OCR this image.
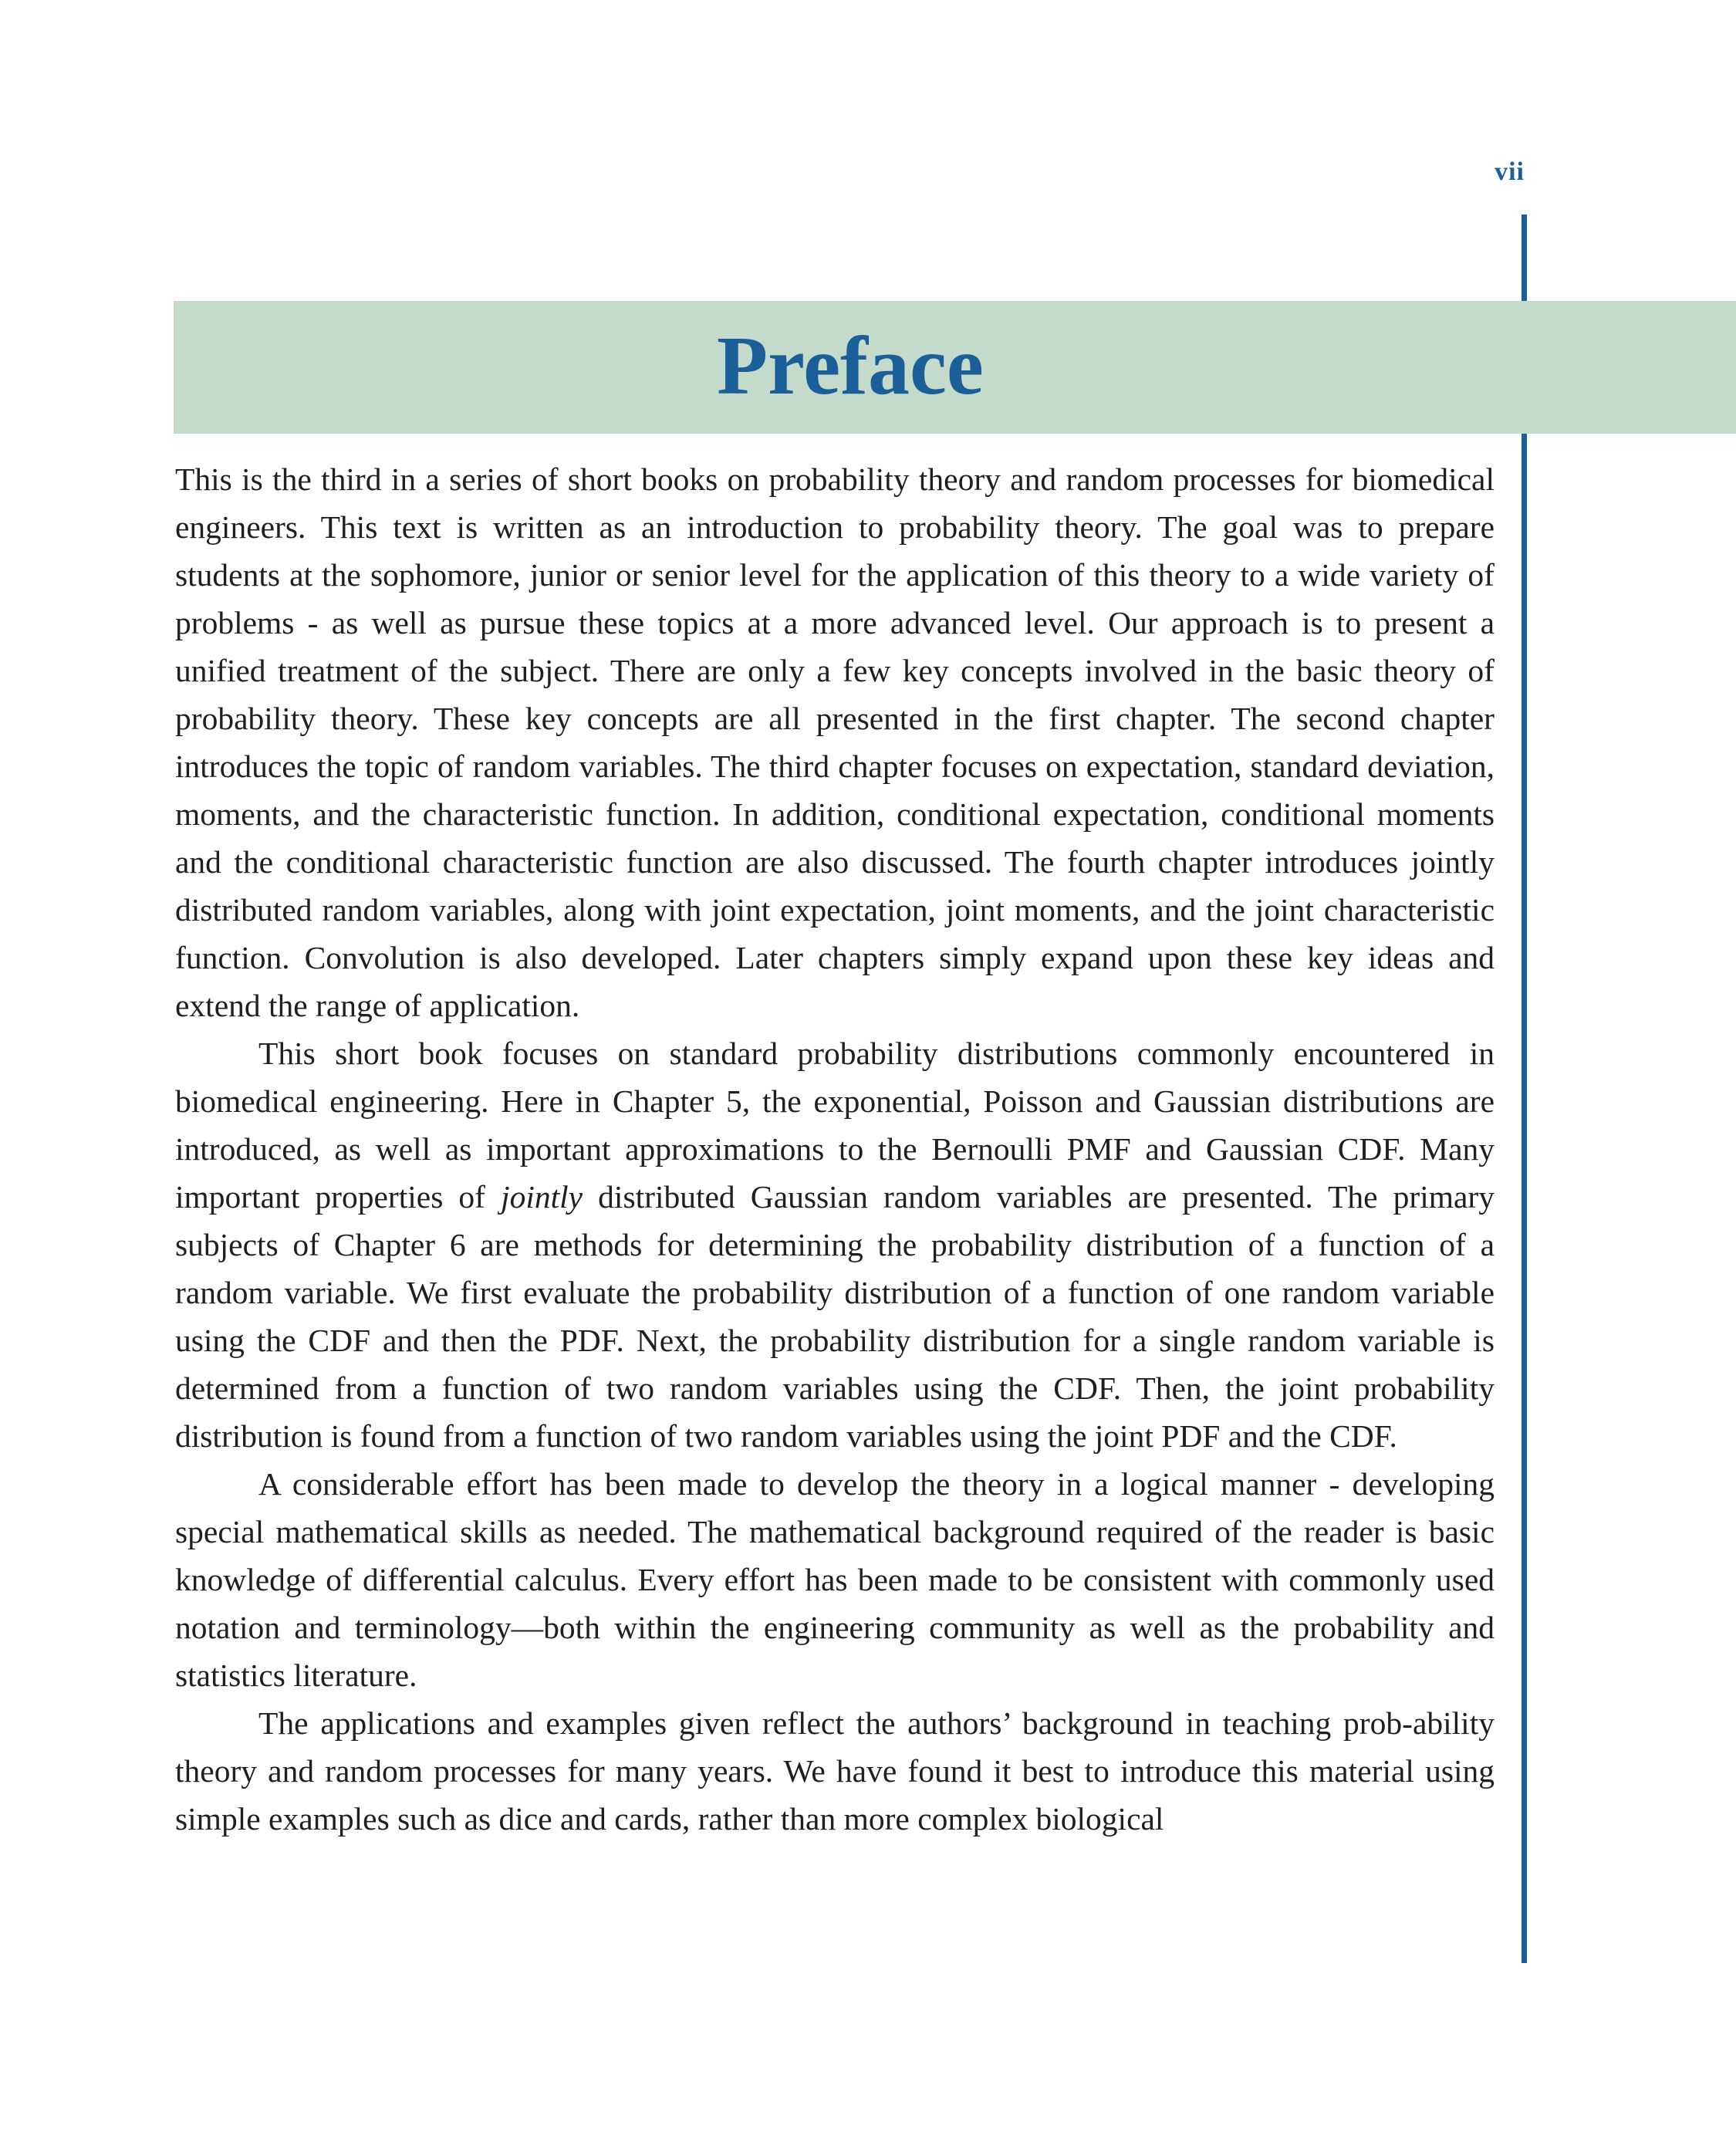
vii
Preface

This is the third in a series of short books on probability theory and random processes for biomedical engineers. This text is written as an introduction to probability theory. The goal was to prepare students at the sophomore, junior or senior level for the application of this theory to a wide variety of problems - as well as pursue these topics at a more advanced level. Our approach is to present a unified treatment of the subject. There are only a few key concepts involved in the basic theory of probability theory. These key concepts are all presented in the first chapter. The second chapter introduces the topic of random variables. The third chapter focuses on expectation, standard deviation, moments, and the characteristic function. In addition, conditional expectation, conditional moments and the conditional characteristic function are also discussed. The fourth chapter introduces jointly distributed random variables, along with joint expectation, joint moments, and the joint characteristic function. Convolution is also developed. Later chapters simply expand upon these key ideas and extend the range of application.

This short book focuses on standard probability distributions commonly encountered in biomedical engineering. Here in Chapter 5, the exponential, Poisson and Gaussian distributions are introduced, as well as important approximations to the Bernoulli PMF and Gaussian CDF. Many important properties of jointly distributed Gaussian random variables are presented. The primary subjects of Chapter 6 are methods for determining the probability distribution of a function of a random variable. We first evaluate the probability distribution of a function of one random variable using the CDF and then the PDF. Next, the probability distribution for a single random variable is determined from a function of two random variables using the CDF. Then, the joint probability distribution is found from a function of two random variables using the joint PDF and the CDF.

A considerable effort has been made to develop the theory in a logical manner - developing special mathematical skills as needed. The mathematical background required of the reader is basic knowledge of differential calculus. Every effort has been made to be consistent with commonly used notation and terminology—both within the engineering community as well as the probability and statistics literature.

The applications and examples given reflect the authors’ background in teaching prob-ability theory and random processes for many years. We have found it best to introduce this material using simple examples such as dice and cards, rather than more complex biological
